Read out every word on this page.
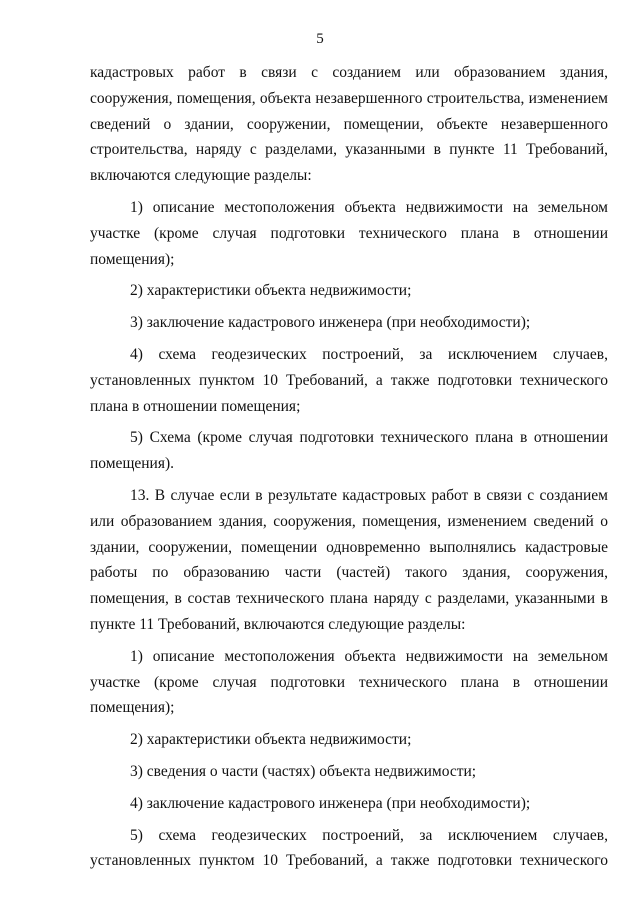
5

кадастровых работ в связи с созданием или образованием здания, сооружения, помещения, объекта незавершенного строительства, изменением сведений о здании, сооружении, помещении, объекте незавершенного строительства, наряду с разделами, указанными в пункте 11 Требований, включаются следующие разделы:

1) описание местоположения объекта недвижимости на земельном участке (кроме случая подготовки технического плана в отношении помещения);

2) характеристики объекта недвижимости;

3) заключение кадастрового инженера (при необходимости);

4) схема геодезических построений, за исключением случаев, установленных пунктом 10 Требований, а также подготовки технического плана в отношении помещения;

5) Схема (кроме случая подготовки технического плана в отношении помещения).

13. В случае если в результате кадастровых работ в связи с созданием или образованием здания, сооружения, помещения, изменением сведений о здании, сооружении, помещении одновременно выполнялись кадастровые работы по образованию части (частей) такого здания, сооружения, помещения, в состав технического плана наряду с разделами, указанными в пункте 11 Требований, включаются следующие разделы:

1) описание местоположения объекта недвижимости на земельном участке (кроме случая подготовки технического плана в отношении помещения);

2) характеристики объекта недвижимости;

3) сведения о части (частях) объекта недвижимости;

4) заключение кадастрового инженера (при необходимости);

5) схема геодезических построений, за исключением случаев, установленных пунктом 10 Требований, а также подготовки технического
